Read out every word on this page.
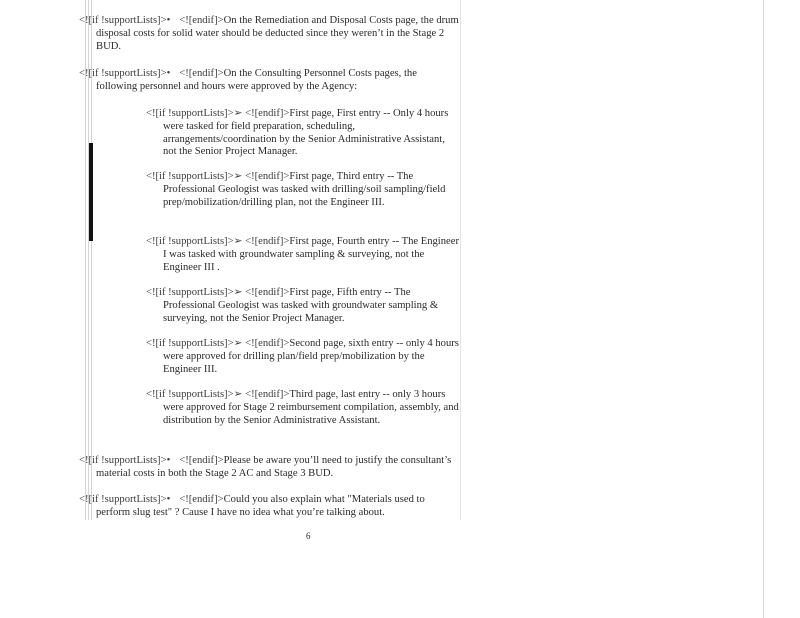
<![if !supportLists]>• <![endif]>On the Remediation and Disposal Costs page, the drum disposal costs for solid water should be deducted since they weren’t in the Stage 2 BUD.

<![if !supportLists]>• <![endif]>On the Consulting Personnel Costs pages, the following personnel and hours were approved by the Agency:

<![if !supportLists]>➢ <![endif]>First page, First entry -- Only 4 hours were tasked for field preparation, scheduling, arrangements/coordination by the Senior Administrative Assistant, not the Senior Project Manager.

<![if !supportLists]>➢ <![endif]>First page, Third entry -- The Professional Geologist was tasked with drilling/soil sampling/field prep/mobilization/drilling plan, not the Engineer III.

<![if !supportLists]>➢ <![endif]>First page, Fourth entry -- The Engineer I was tasked with groundwater sampling & surveying, not the Engineer III .

<![if !supportLists]>➢ <![endif]>First page, Fifth entry -- The Professional Geologist was tasked with groundwater sampling & surveying, not the Senior Project Manager.

<![if !supportLists]>➢ <![endif]>Second page, sixth entry -- only 4 hours were approved for drilling plan/field prep/mobilization by the Engineer III.

<![if !supportLists]>➢ <![endif]>Third page, last entry -- only 3 hours were approved for Stage 2 reimbursement compilation, assembly, and distribution by the Senior Administrative Assistant.

<![if !supportLists]>• <![endif]>Please be aware you’ll need to justify the consultant’s material costs in both the Stage 2 AC and Stage 3 BUD.

<![if !supportLists]>• <![endif]>Could you also explain what "Materials used to perform slug test" ? Cause I have no idea what you’re talking about.

6
